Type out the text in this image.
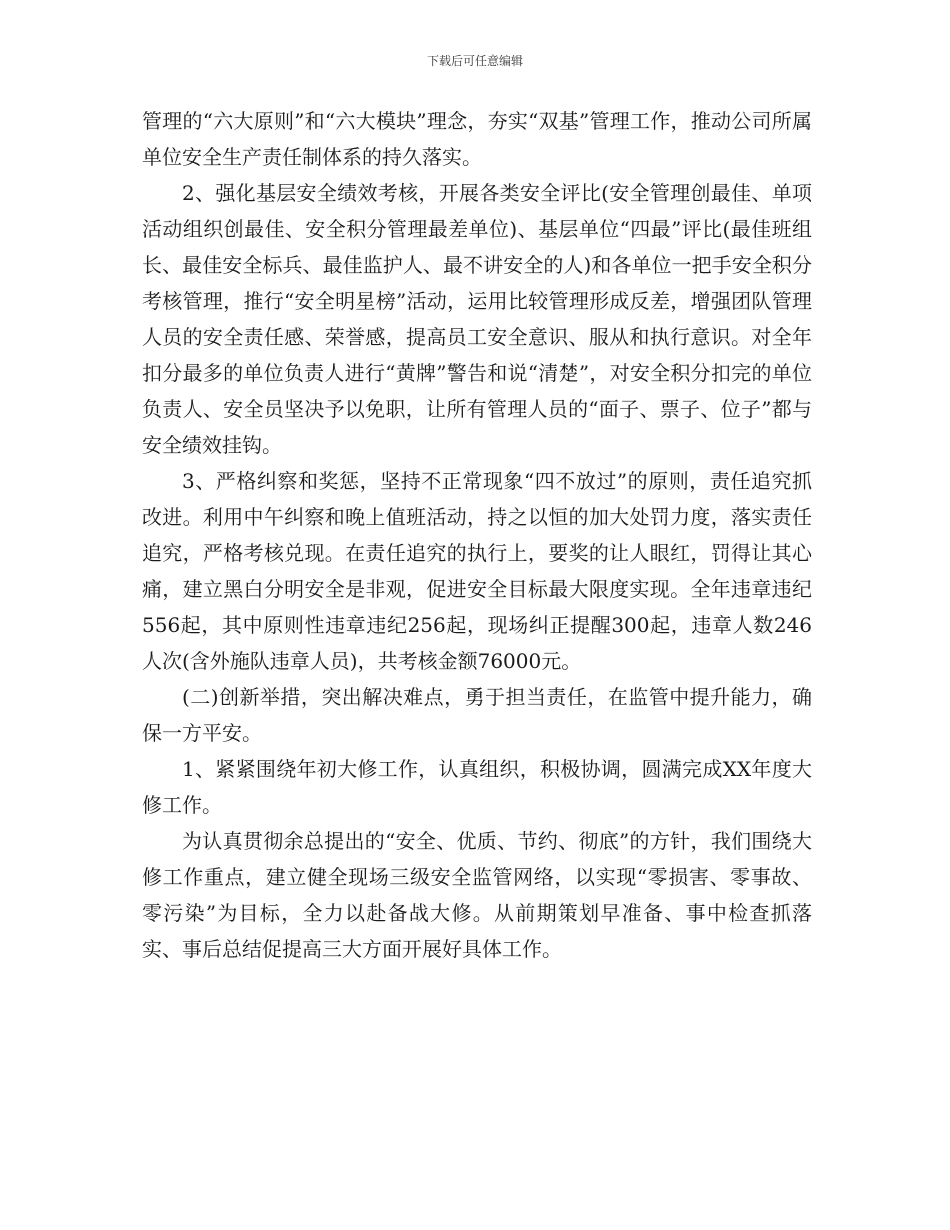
下载后可任意编辑

管理的“六大原则”和“六大模块”理念，夯实“双基”管理工作，推动公司所属单位安全生产责任制体系的持久落实。

2、强化基层安全绩效考核，开展各类安全评比(安全管理创最佳、单项活动组织创最佳、安全积分管理最差单位)、基层单位“四最”评比(最佳班组长、最佳安全标兵、最佳监护人、最不讲安全的人)和各单位一把手安全积分考核管理，推行“安全明星榜”活动，运用比较管理形成反差，增强团队管理人员的安全责任感、荣誉感，提高员工安全意识、服从和执行意识。对全年扣分最多的单位负责人进行“黄牌”警告和说“清楚”，对安全积分扣完的单位负责人、安全员坚决予以免职，让所有管理人员的“面子、票子、位子”都与安全绩效挂钩。

3、严格纠察和奖惩，坚持不正常现象“四不放过”的原则，责任追究抓改进。利用中午纠察和晚上值班活动，持之以恒的加大处罚力度，落实责任追究，严格考核兑现。在责任追究的执行上，要奖的让人眼红，罚得让其心痛，建立黑白分明安全是非观，促进安全目标最大限度实现。全年违章违纪556起，其中原则性违章违纪256起，现场纠正提醒300起，违章人数246人次(含外施队违章人员)，共考核金额76000元。

(二)创新举措，突出解决难点，勇于担当责任，在监管中提升能力，确保一方平安。

1、紧紧围绕年初大修工作，认真组织，积极协调，圆满完成XX年度大修工作。

为认真贯彻余总提出的“安全、优质、节约、彻底”的方针，我们围绕大修工作重点，建立健全现场三级安全监管网络，以实现“零损害、零事故、零污染”为目标，全力以赴备战大修。从前期策划早准备、事中检查抓落实、事后总结促提高三大方面开展好具体工作。
